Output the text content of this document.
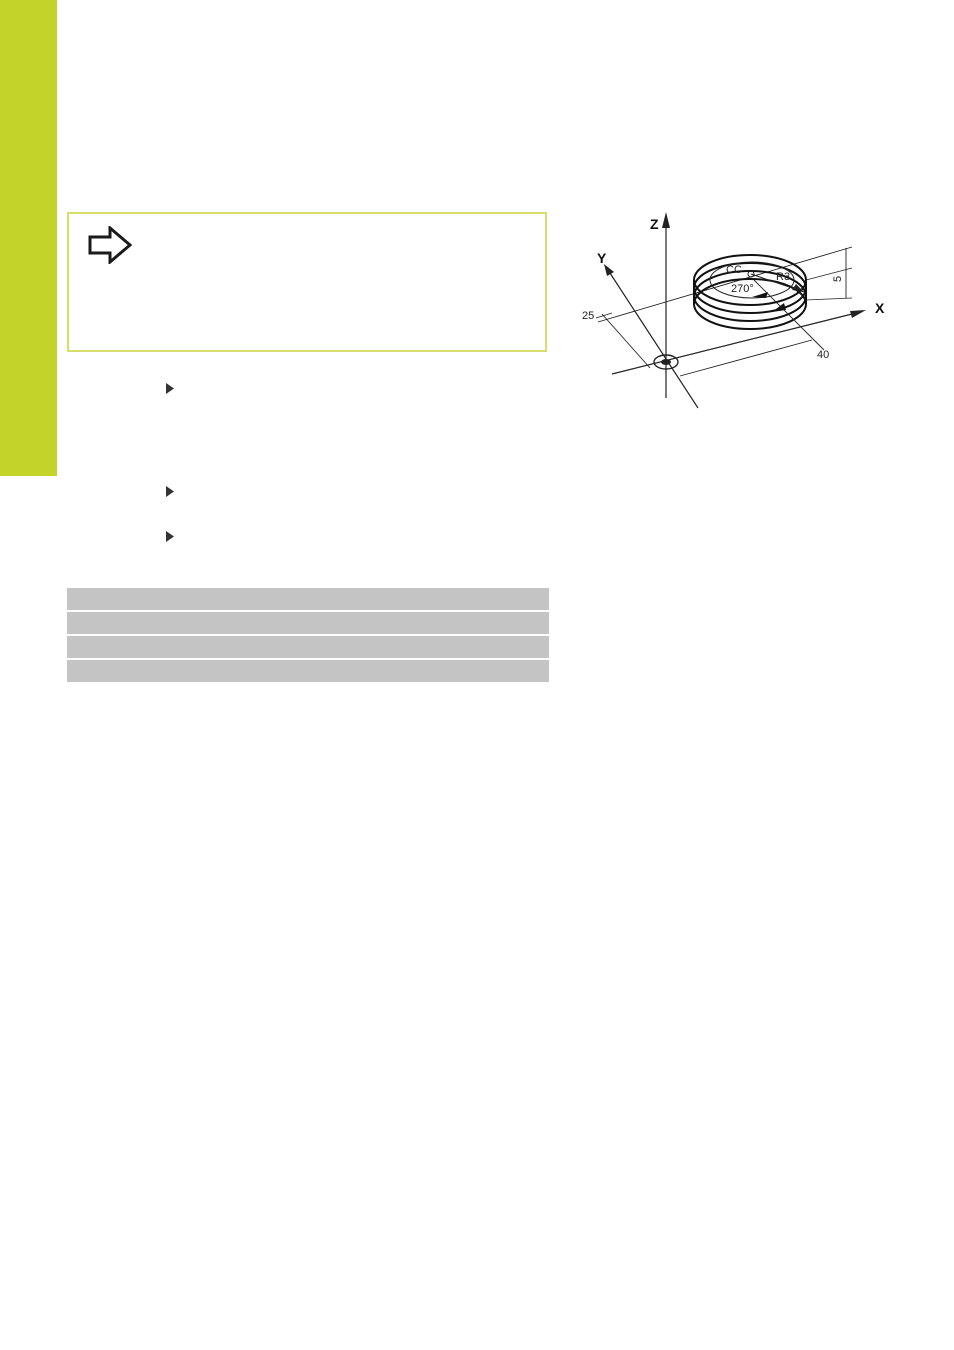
Z
Y
X
CC
R3
270°
25
40
5
